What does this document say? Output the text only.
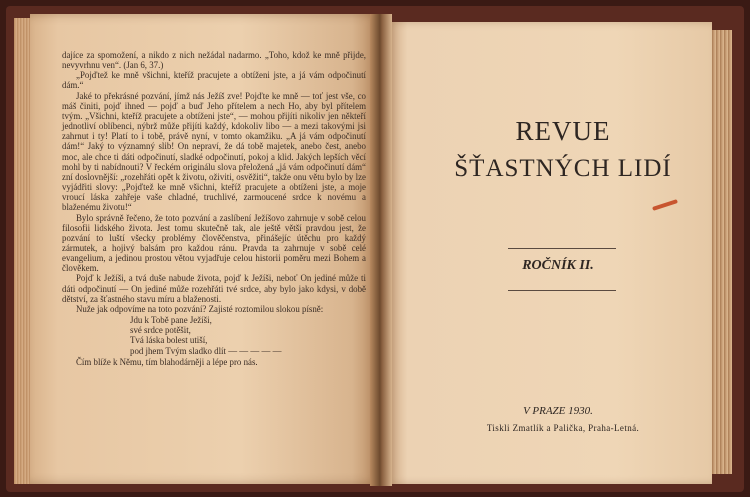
dajíce za spomožení, a nikdo z nich nežádal nadarmo. „Toho, kdož ke mně přijde, nevyvrhnu ven“. (Jan 6, 37.)

„Pojďtež ke mně všichni, kteříž pracujete a obtíženi jste, a já vám odpočinutí dám.“

Jaké to překrásné pozvání, jímž nás Ježíš zve! Pojďte ke mně — toť jest vše, co máš činiti, pojď ihned — pojď a buď Jeho přítelem a nech Ho, aby byl přítelem tvým. „Všichni, kteříž pracujete a obtíženi jste“, — mohou přijíti nikoliv jen někteří jednotliví oblíbenci, nýbrž může přijíti každý, kdokoliv libo — a mezi takovými jsi zahrnut i ty! Platí to i tobě, právě nyní, v tomto okamžiku. „A já vám odpočinutí dám!“ Jaký to významný slib! On nepraví, že dá tobě majetek, anebo čest, anebo moc, ale chce ti dáti odpočinutí, sladké odpočinutí, pokoj a klid. Jakých lepších věcí mohl by ti nabídnouti? V řeckém originálu slova přeložená „já vám odpočinutí dám“ zní doslovnější: „rozehřáti opět k životu, oživiti, osvěžiti“, takže onu větu bylo by lze vyjádřiti slovy: „Pojďtež ke mně všichni, kteříž pracujete a obtíženi jste, a moje vroucí láska zahřeje vaše chladné, truchlivé, zarmoucené srdce k novému a blaženému životu!“

Bylo správně řečeno, že toto pozvání a zaslíbení Ježíšovo zahrnuje v sobě celou filosofii lidského života. Jest tomu skutečně tak, ale ještě větší pravdou jest, že pozvání to luští všecky problémy člověčenstva, přinášejíc útěchu pro každý zármutek, a hojivý balsám pro každou ránu. Pravda ta zahrnuje v sobě celé evangelium, a jedinou prostou větou vyjadřuje celou historii poměru mezi Bohem a člověkem.

Pojď k Ježíši, a tvá duše nabude života, pojď k Ježíši, neboť On jediné může ti dáti odpočinutí — On jediné může rozehřáti tvé srdce, aby bylo jako kdysi, v době dětství, za šťastného stavu míru a blaženosti.

Nuže jak odpovíme na toto pozvání? Zajisté roztomilou slokou písně:

Jdu k Tobě pane Ježíši,
své srdce potěšit,
Tvá láska bolest utiší,
pod jhem Tvým sladko dlít — — — — —

Čím blíže k Němu, tím blahodárněji a lépe pro nás.

REVUE
ŠŤASTNÝCH LIDÍ
ROČNÍK II.
V PRAZE 1930.
Tiskli Zmatlík a Palička, Praha-Letná.
